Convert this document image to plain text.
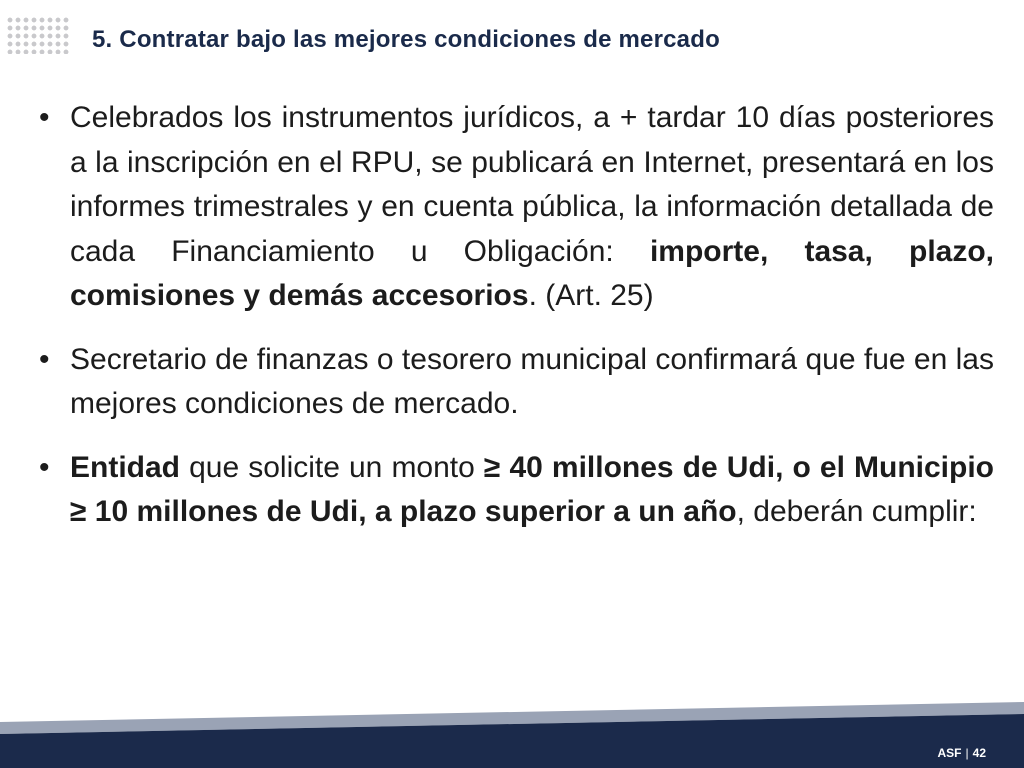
5. Contratar bajo las mejores condiciones de mercado
• Celebrados los instrumentos jurídicos, a + tardar 10 días posteriores a la inscripción en el RPU, se publicará en Internet, presentará en los informes trimestrales y en cuenta pública, la información detallada de cada Financiamiento u Obligación: importe, tasa, plazo, comisiones y demás accesorios. (Art. 25)
• Secretario de finanzas o tesorero municipal confirmará que fue en las mejores condiciones de mercado.
• Entidad que solicite un monto ≥ 40 millones de Udi, o el Municipio ≥ 10 millones de Udi, a plazo superior a un año, deberán cumplir:
ASF | 42
